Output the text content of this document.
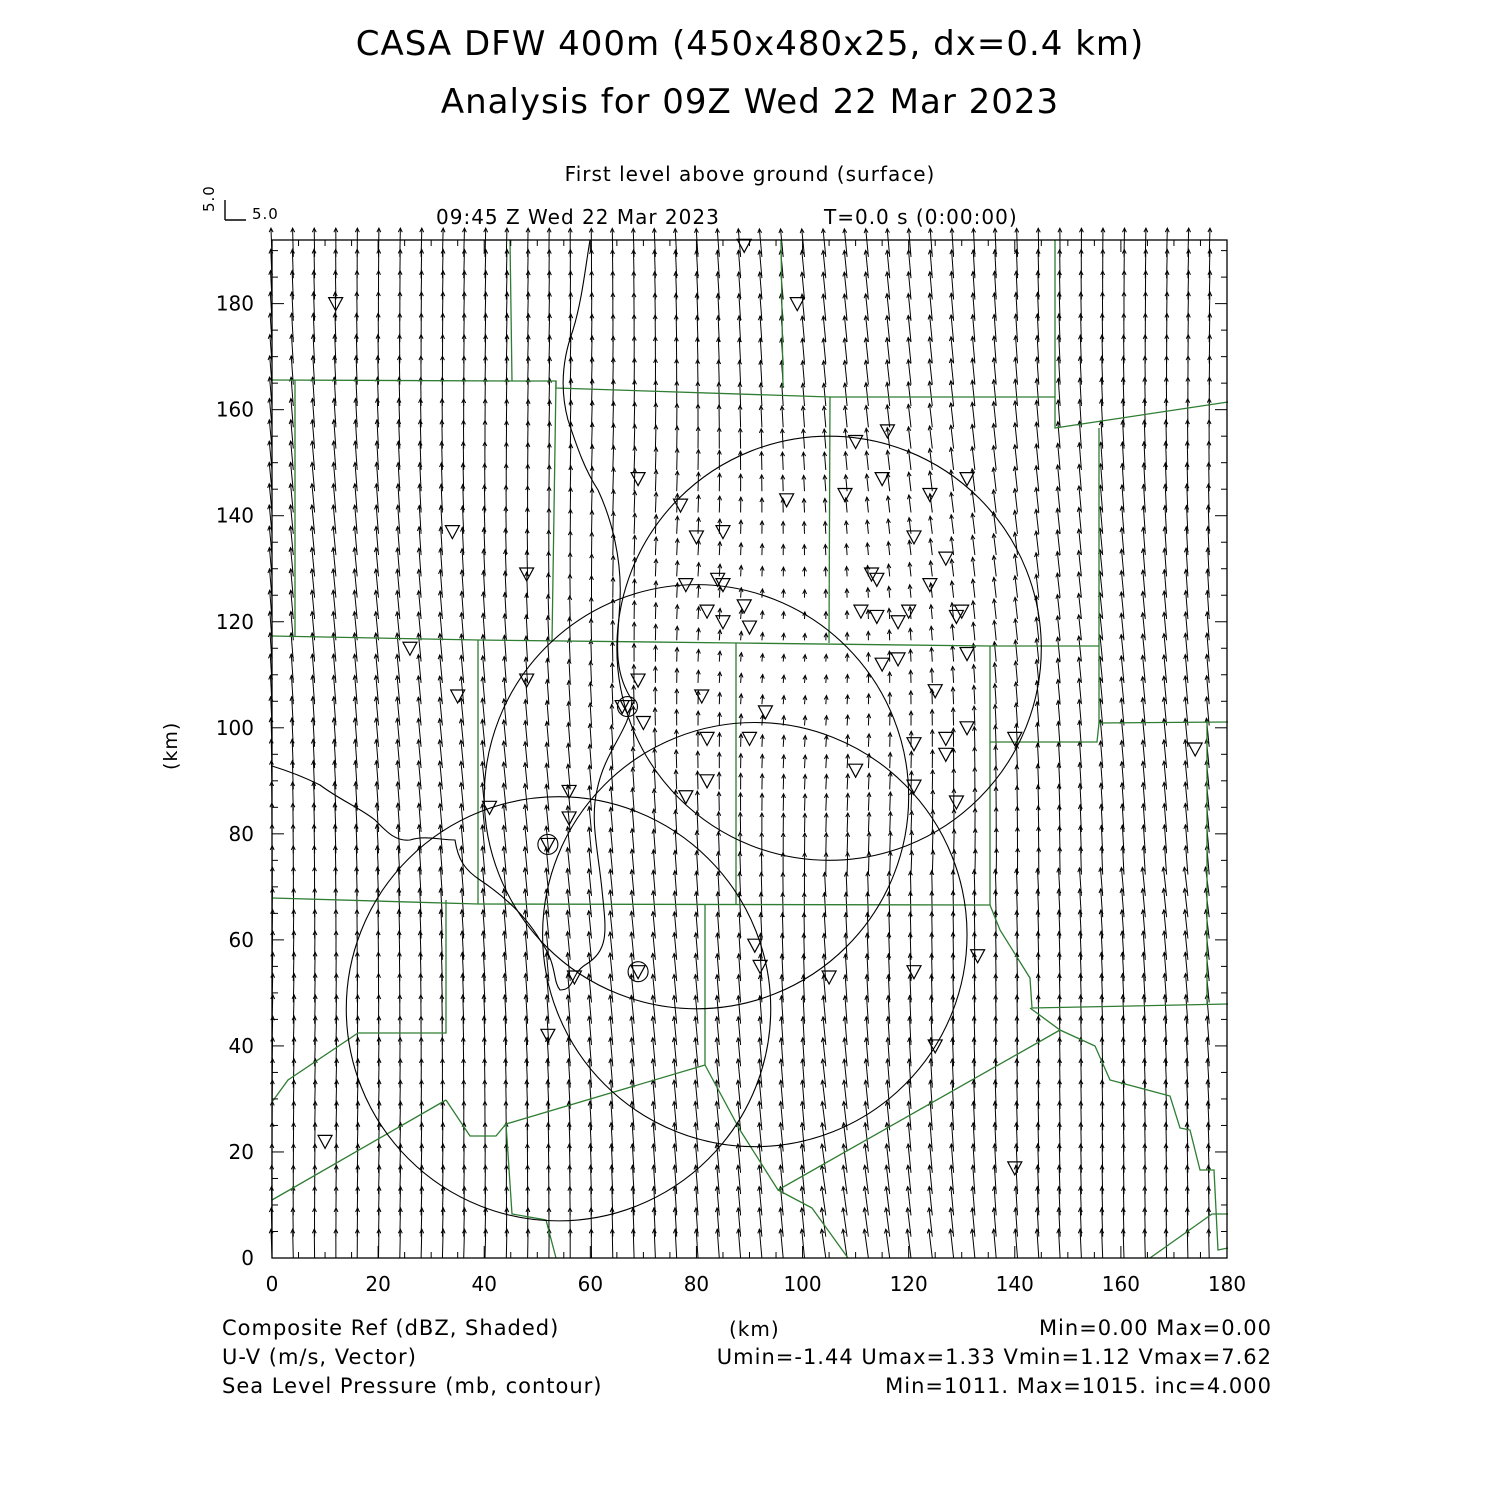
CASA DFW 400m (450x480x25, dx=0.4 km)
Analysis for 09Z Wed 22 Mar 2023
First level above ground (surface)
09:45 Z Wed 22 Mar 2023	T=0.0 s (0:00:00)
5.0
5.0
0	20	40	60	80	100	120	140	160	180
0
20
40
60
80
100
120
140
160
180
(km)
(km)
Composite Ref (dBZ, Shaded)	Min=0.00 Max=0.00
U-V (m/s, Vector)	Umin=-1.44 Umax=1.33 Vmin=1.12 Vmax=7.62
Sea Level Pressure (mb, contour)	Min=1011. Max=1015. inc=4.000
